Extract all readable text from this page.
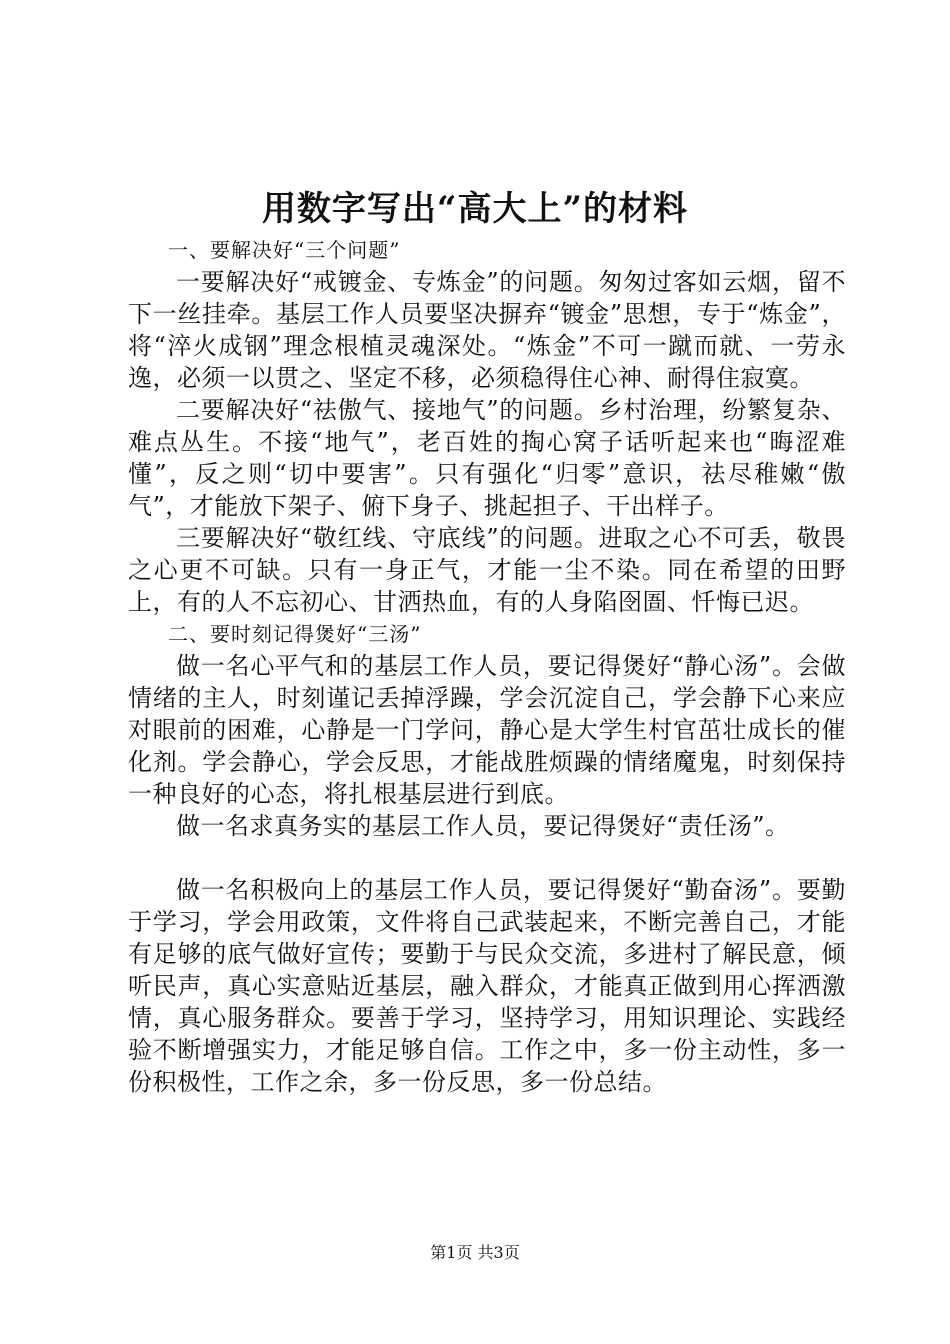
用数字写出“高大上”的材料

一、要解决好“三个问题”

一要解决好“戒镀金、专炼金”的问题。匆匆过客如云烟，留不下一丝挂牵。基层工作人员要坚决摒弃“镀金”思想，专于“炼金”，将“淬火成钢”理念根植灵魂深处。“炼金”不可一蹴而就、一劳永逸，必须一以贯之、坚定不移，必须稳得住心神、耐得住寂寞。

二要解决好“祛傲气、接地气”的问题。乡村治理，纷繁复杂、难点丛生。不接“地气”，老百姓的掏心窝子话听起来也“晦涩难懂”，反之则“切中要害”。只有强化“归零”意识，祛尽稚嫩“傲气”，才能放下架子、俯下身子、挑起担子、干出样子。

三要解决好“敬红线、守底线”的问题。进取之心不可丢，敬畏之心更不可缺。只有一身正气，才能一尘不染。同在希望的田野上，有的人不忘初心、甘洒热血，有的人身陷囹圄、忏悔已迟。

二、要时刻记得煲好“三汤”

做一名心平气和的基层工作人员，要记得煲好“静心汤”。会做情绪的主人，时刻谨记丢掉浮躁，学会沉淀自己，学会静下心来应对眼前的困难，心静是一门学问，静心是大学生村官茁壮成长的催化剂。学会静心，学会反思，才能战胜烦躁的情绪魔鬼，时刻保持一种良好的心态，将扎根基层进行到底。

做一名求真务实的基层工作人员，要记得煲好“责任汤”。

做一名积极向上的基层工作人员，要记得煲好“勤奋汤”。要勤于学习，学会用政策，文件将自己武装起来，不断完善自己，才能有足够的底气做好宣传；要勤于与民众交流，多进村了解民意，倾听民声，真心实意贴近基层，融入群众，才能真正做到用心挥洒激情，真心服务群众。要善于学习，坚持学习，用知识理论、实践经验不断增强实力，才能足够自信。工作之中，多一份主动性，多一份积极性，工作之余，多一份反思，多一份总结。

第1页 共3页
